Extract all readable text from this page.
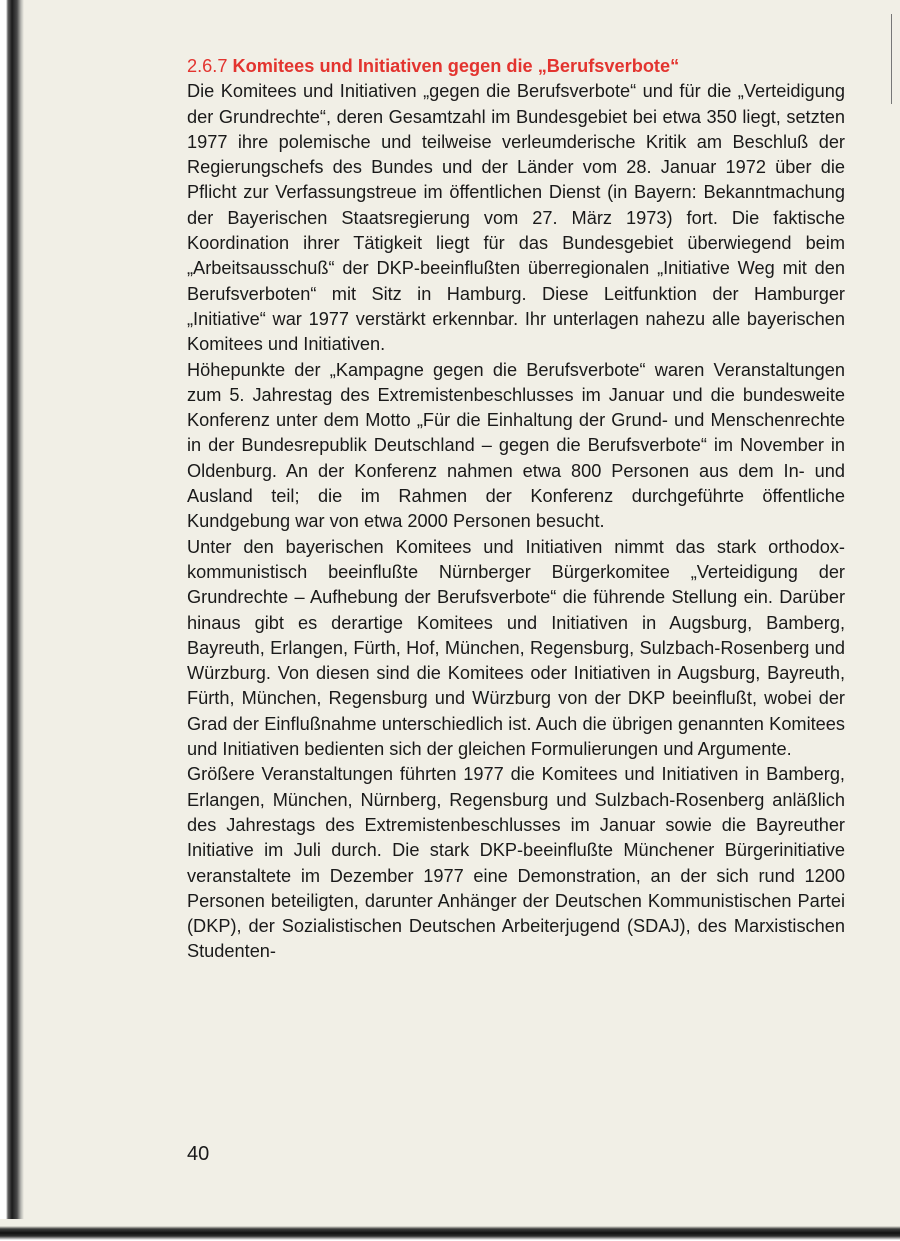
2.6.7 Komitees und Initiativen gegen die „Berufsverbote“

Die Komitees und Initiativen „gegen die Berufsverbote“ und für die „Verteidigung der Grundrechte“, deren Gesamtzahl im Bundesgebiet bei etwa 350 liegt, setzten 1977 ihre polemische und teilweise verleumderische Kritik am Beschluß der Regierungschefs des Bundes und der Länder vom 28. Januar 1972 über die Pflicht zur Verfassungstreue im öffentlichen Dienst (in Bayern: Bekanntmachung der Bayerischen Staatsregierung vom 27. März 1973) fort. Die faktische Koordination ihrer Tätigkeit liegt für das Bundesgebiet überwiegend beim „Arbeitsausschuß“ der DKP-beeinflußten überregionalen „Initiative Weg mit den Berufsverboten“ mit Sitz in Hamburg. Diese Leitfunktion der Hamburger „Initiative“ war 1977 verstärkt erkennbar. Ihr unterlagen nahezu alle bayerischen Komitees und Initiativen.

Höhepunkte der „Kampagne gegen die Berufsverbote“ waren Veranstaltungen zum 5. Jahrestag des Extremistenbeschlusses im Januar und die bundesweite Konferenz unter dem Motto „Für die Einhaltung der Grund- und Menschenrechte in der Bundesrepublik Deutschland – gegen die Berufsverbote“ im November in Oldenburg. An der Konferenz nahmen etwa 800 Personen aus dem In- und Ausland teil; die im Rahmen der Konferenz durchgeführte öffentliche Kundgebung war von etwa 2000 Personen besucht.

Unter den bayerischen Komitees und Initiativen nimmt das stark orthodox-kommunistisch beeinflußte Nürnberger Bürgerkomitee „Verteidigung der Grundrechte – Aufhebung der Berufsverbote“ die führende Stellung ein. Darüber hinaus gibt es derartige Komitees und Initiativen in Augsburg, Bamberg, Bayreuth, Erlangen, Fürth, Hof, München, Regensburg, Sulzbach-Rosenberg und Würzburg. Von diesen sind die Komitees oder Initiativen in Augsburg, Bayreuth, Fürth, München, Regensburg und Würzburg von der DKP beeinflußt, wobei der Grad der Einflußnahme unterschiedlich ist. Auch die übrigen genannten Komitees und Initiativen bedienten sich der gleichen Formulierungen und Argumente.

Größere Veranstaltungen führten 1977 die Komitees und Initiativen in Bamberg, Erlangen, München, Nürnberg, Regensburg und Sulzbach-Rosenberg anläßlich des Jahrestags des Extremistenbeschlusses im Januar sowie die Bayreuther Initiative im Juli durch. Die stark DKP-beeinflußte Münchener Bürgerinitiative veranstaltete im Dezember 1977 eine Demonstration, an der sich rund 1200 Personen beteiligten, darunter Anhänger der Deutschen Kommunistischen Partei (DKP), der Sozialistischen Deutschen Arbeiterjugend (SDAJ), des Marxistischen Studenten-

40
